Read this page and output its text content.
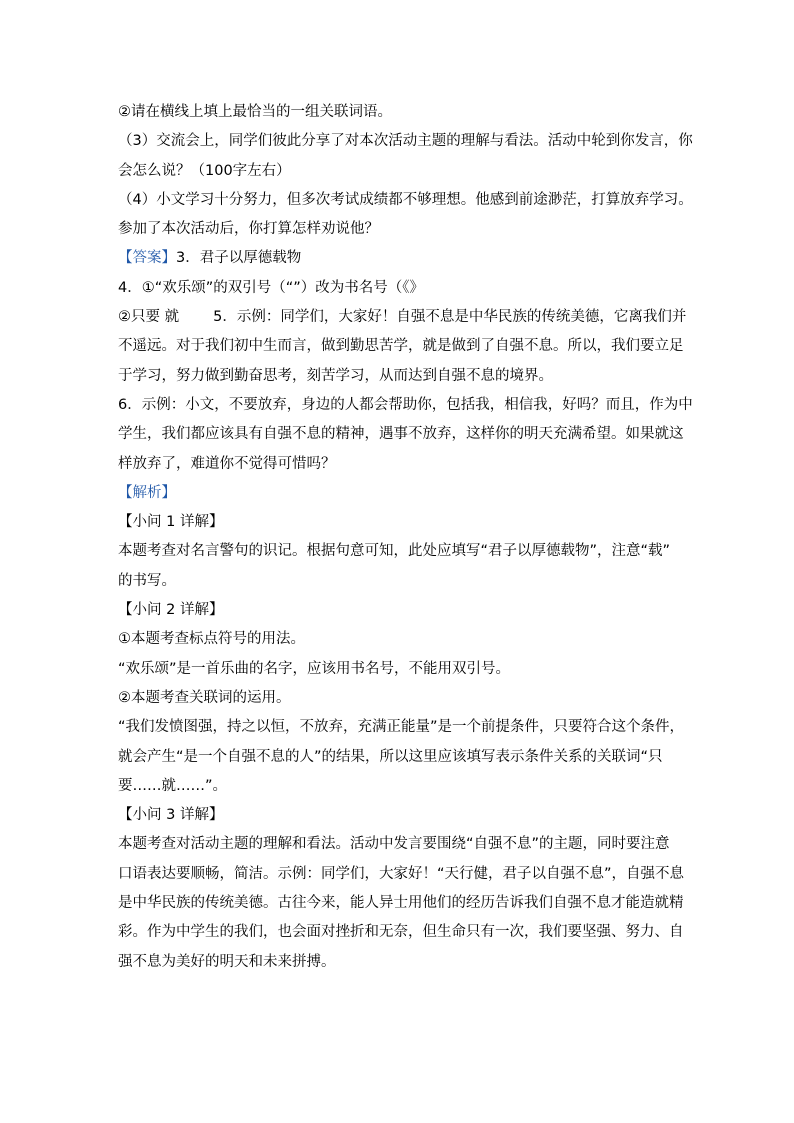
②请在横线上填上最恰当的一组关联词语。
（3）交流会上，同学们彼此分享了对本次活动主题的理解与看法。活动中轮到你发言，你
会怎么说？（100字左右）
（4）小文学习十分努力，但多次考试成绩都不够理想。他感到前途渺茫，打算放弃学习。
参加了本次活动后，你打算怎样劝说他？
【答案】3．君子以厚德载物
4．①“欢乐颂”的双引号（“”）改为书名号（《》
②只要 就 5．示例：同学们，大家好！自强不息是中华民族的传统美德，它离我们并
不遥远。对于我们初中生而言，做到勤思苦学，就是做到了自强不息。所以，我们要立足
于学习，努力做到勤奋思考，刻苦学习，从而达到自强不息的境界。
6．示例：小文，不要放弃，身边的人都会帮助你，包括我，相信我，好吗？而且，作为中
学生，我们都应该具有自强不息的精神，遇事不放弃，这样你的明天充满希望。如果就这
样放弃了，难道你不觉得可惜吗？
【解析】
【小问 1 详解】
本题考查对名言警句的识记。根据句意可知，此处应填写“君子以厚德载物”，注意“载”
的书写。
【小问 2 详解】
①本题考查标点符号的用法。
“欢乐颂”是一首乐曲的名字，应该用书名号，不能用双引号。
②本题考查关联词的运用。
“我们发愤图强，持之以恒，不放弃，充满正能量”是一个前提条件，只要符合这个条件，
就会产生“是一个自强不息的人”的结果，所以这里应该填写表示条件关系的关联词“只
要……就……”。
【小问 3 详解】
本题考查对活动主题的理解和看法。活动中发言要围绕“自强不息”的主题，同时要注意
口语表达要顺畅，简洁。示例：同学们，大家好！“天行健，君子以自强不息”，自强不息
是中华民族的传统美德。古往今来，能人异士用他们的经历告诉我们自强不息才能造就精
彩。作为中学生的我们，也会面对挫折和无奈，但生命只有一次，我们要坚强、努力、自
强不息为美好的明天和未来拼搏。
